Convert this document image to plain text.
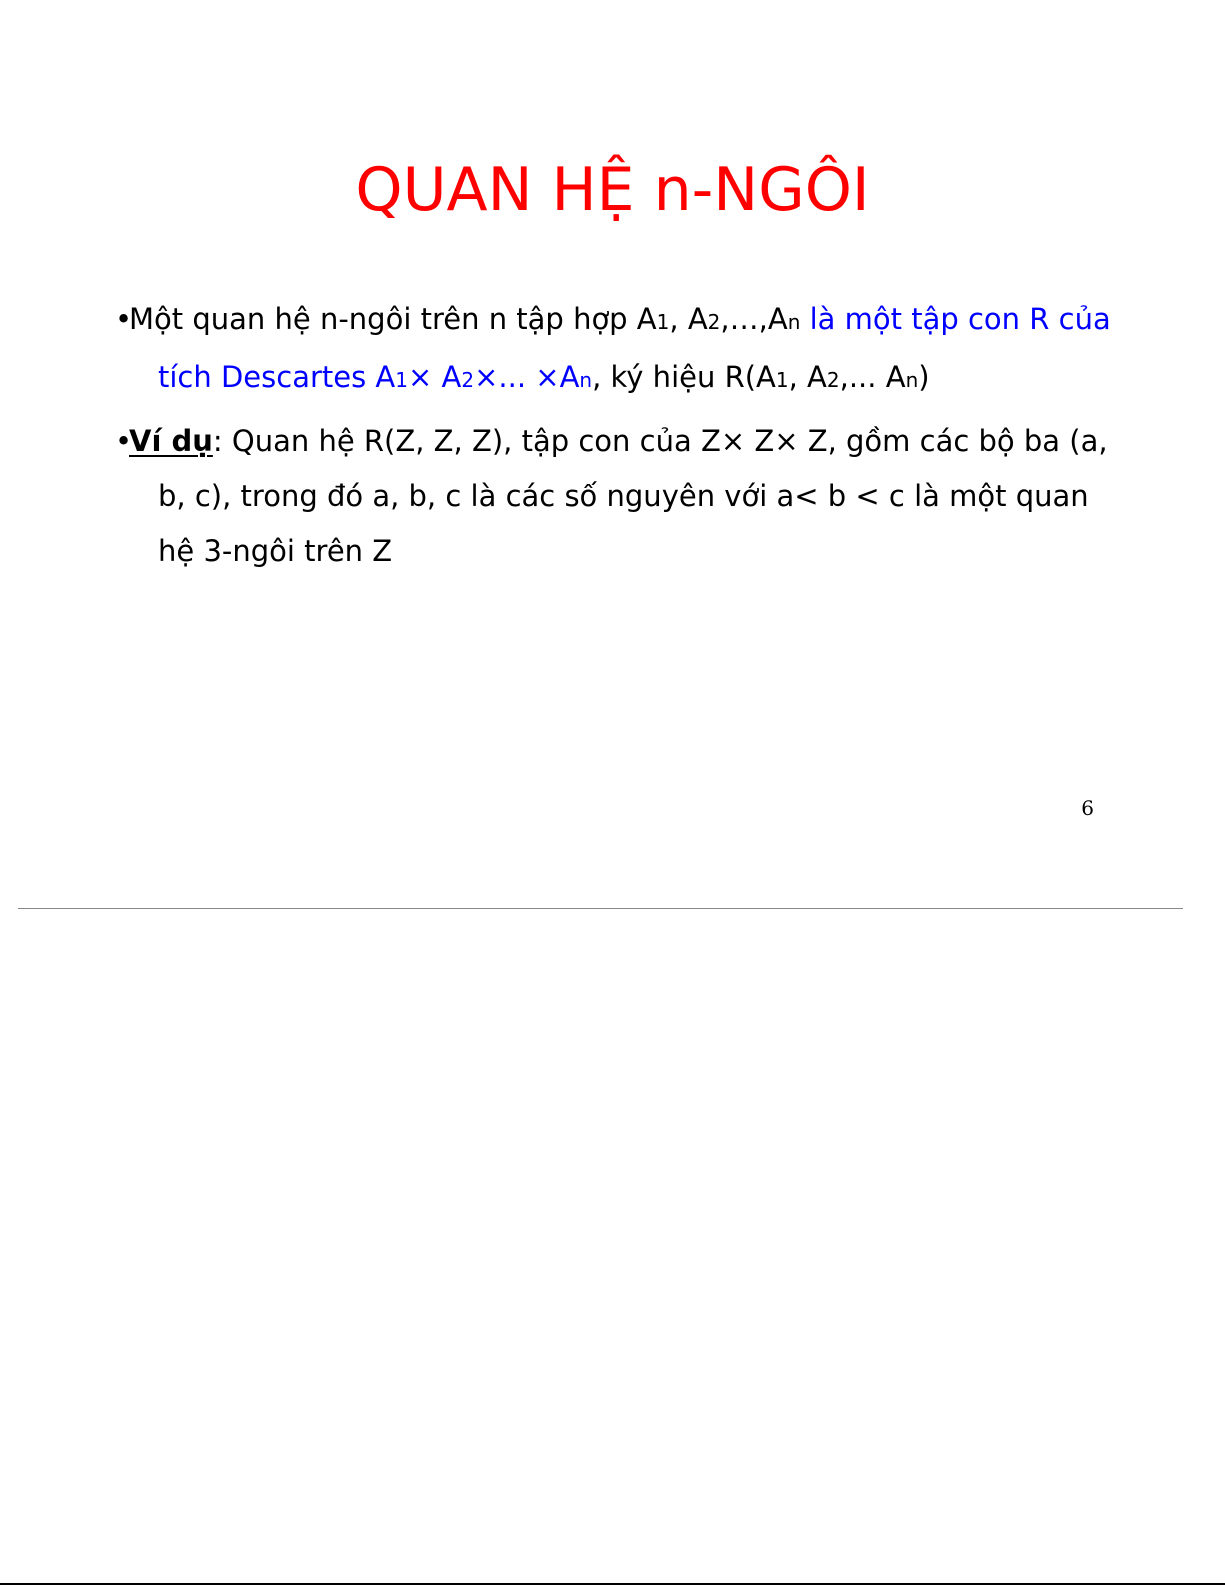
QUAN HỆ n-NGÔI

•Một quan hệ n-ngôi trên n tập hợp A1, A2,…,An là một tập con R của tích Descartes A1× A2×... ×An, ký hiệu R(A1, A2,... An)

•Ví dụ: Quan hệ R(Z, Z, Z), tập con của Z× Z× Z, gồm các bộ ba (a, b, c), trong đó a, b, c là các số nguyên với a< b < c là một quan hệ 3-ngôi trên Z

6
